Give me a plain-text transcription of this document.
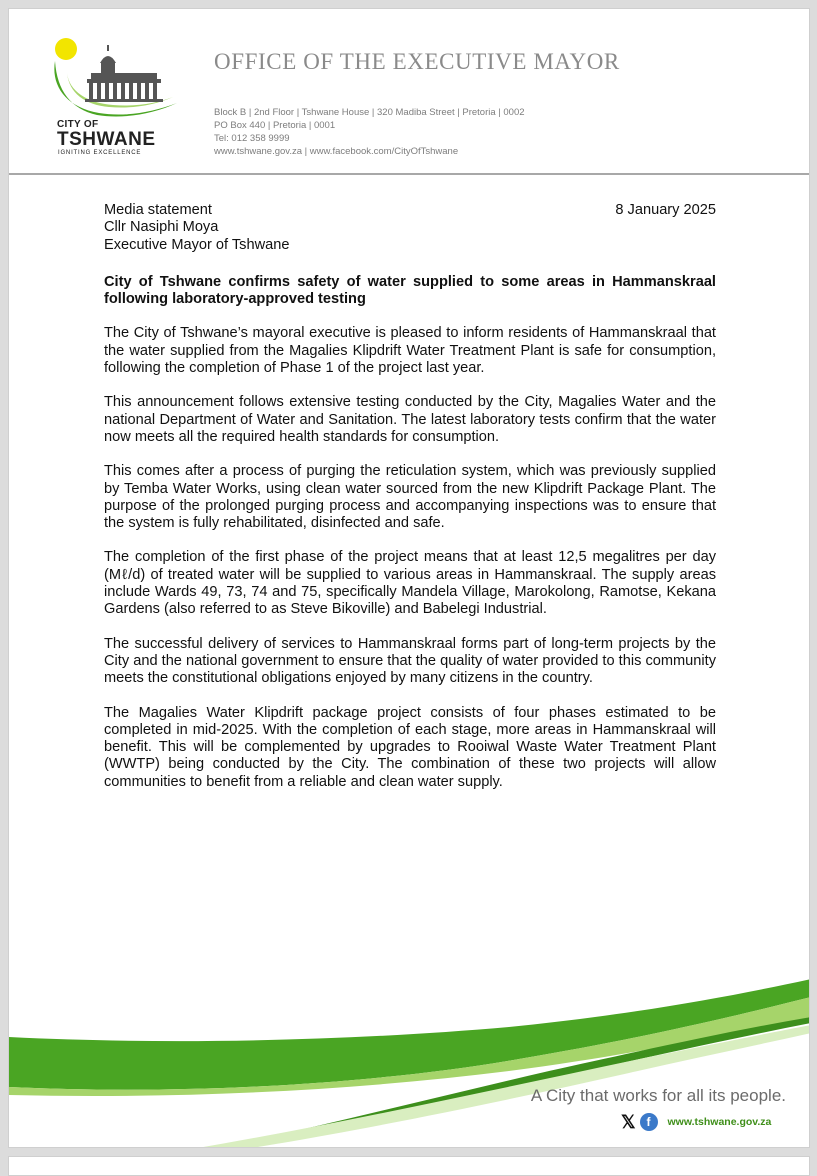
CITY OF
TSHWANE
IGNITING EXCELLENCE
OFFICE OF THE EXECUTIVE MAYOR
Block B | 2nd Floor | Tshwane House | 320 Madiba Street | Pretoria | 0002
PO Box 440 | Pretoria | 0001
Tel: 012 358 9999
www.tshwane.gov.za | www.facebook.com/CityOfTshwane
Media statement	8 January 2025
Cllr Nasiphi Moya
Executive Mayor of Tshwane
City of Tshwane confirms safety of water supplied to some areas in Hammanskraal following laboratory-approved testing
The City of Tshwane’s mayoral executive is pleased to inform residents of Hammanskraal that the water supplied from the Magalies Klipdrift Water Treatment Plant is safe for consumption, following the completion of Phase 1 of the project last year.
This announcement follows extensive testing conducted by the City, Magalies Water and the national Department of Water and Sanitation. The latest laboratory tests confirm that the water now meets all the required health standards for consumption.
This comes after a process of purging the reticulation system, which was previously supplied by Temba Water Works, using clean water sourced from the new Klipdrift Package Plant. The purpose of the prolonged purging process and accompanying inspections was to ensure that the system is fully rehabilitated, disinfected and safe.
The completion of the first phase of the project means that at least 12,5 megalitres per day (Mℓ/d) of treated water will be supplied to various areas in Hammanskraal. The supply areas include Wards 49, 73, 74 and 75, specifically Mandela Village, Marokolong, Ramotse, Kekana Gardens (also referred to as Steve Bikoville) and Babelegi Industrial.
The successful delivery of services to Hammanskraal forms part of long-term projects by the City and the national government to ensure that the quality of water provided to this community meets the constitutional obligations enjoyed by many citizens in the country.
The Magalies Water Klipdrift package project consists of four phases estimated to be completed in mid-2025. With the completion of each stage, more areas in Hammanskraal will benefit. This will be complemented by upgrades to Rooiwal Waste Water Treatment Plant (WWTP) being conducted by the City. The combination of these two projects will allow communities to benefit from a reliable and clean water supply.
A City that works for all its people.
𝕏 f	www.tshwane.gov.za
